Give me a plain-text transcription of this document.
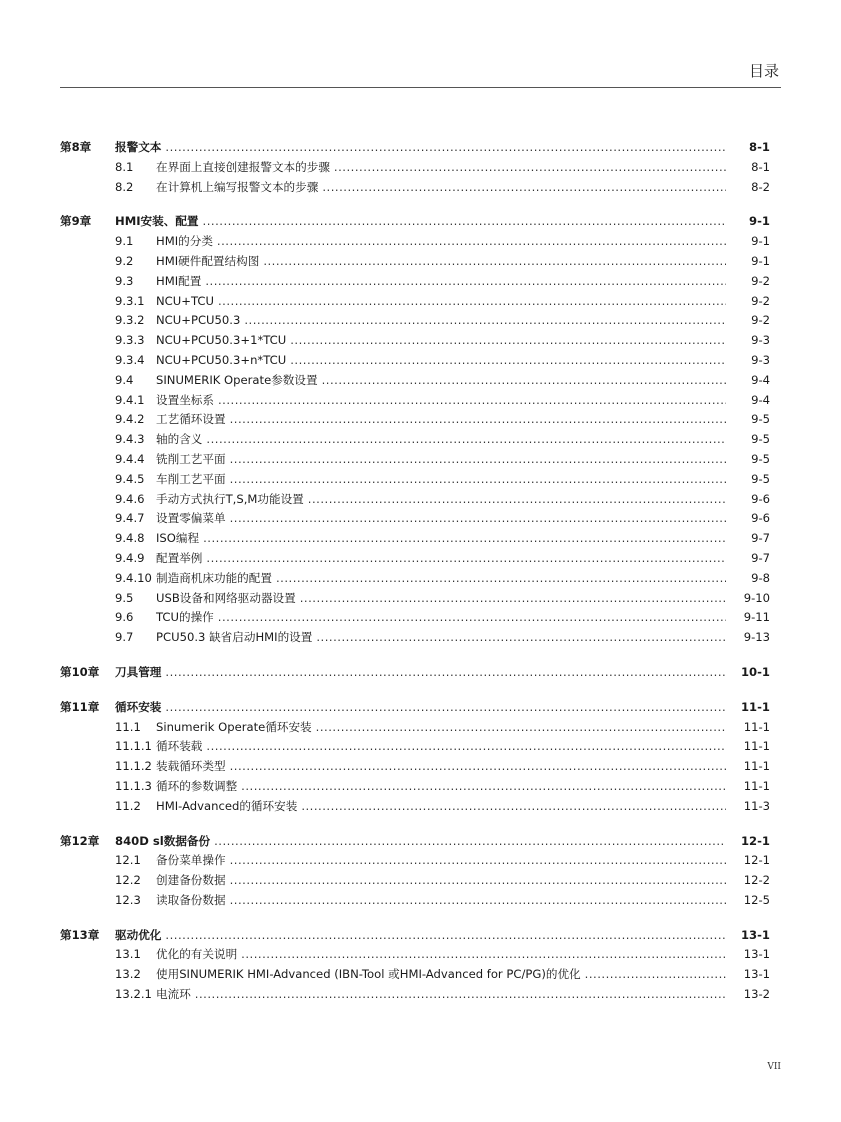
目录
第8章	报警文本 .....	8-1
8.1	在界面上直接创建报警文本的步骤 .....	8-1
8.2	在计算机上编写报警文本的步骤 .....	8-2
第9章	HMI安装、配置 .....	9-1
9.1	HMI的分类 .....	9-1
9.2	HMI硬件配置结构图 .....	9-1
9.3	HMI配置 .....	9-2
9.3.1 NCU+TCU .....	9-2
9.3.2 NCU+PCU50.3 .....	9-2
9.3.3 NCU+PCU50.3+1*TCU .....	9-3
9.3.4 NCU+PCU50.3+n*TCU .....	9-3
9.4	SINUMERIK Operate参数设置 .....	9-4
9.4.1 设置坐标系 .....	9-4
9.4.2 工艺循环设置 .....	9-5
9.4.3 轴的含义 .....	9-5
9.4.4 铣削工艺平面 .....	9-5
9.4.5 车削工艺平面 .....	9-5
9.4.6 手动方式执行T,S,M功能设置 .....	9-6
9.4.7 设置零偏菜单 .....	9-6
9.4.8 ISO编程 .....	9-7
9.4.9 配置举例 .....	9-7
9.4.10 制造商机床功能的配置 .....	9-8
9.5	USB设备和网络驱动器设置 .....	9-10
9.6	TCU的操作 .....	9-11
9.7	PCU50.3 缺省启动HMI的设置 .....	9-13
第10章	刀具管理 .....	10-1
第11章	循环安装 .....	11-1
11.1	Sinumerik Operate循环安装 .....	11-1
11.1.1 循环装载 .....	11-1
11.1.2 装载循环类型 .....	11-1
11.1.3 循环的参数调整 .....	11-1
11.2	HMI-Advanced的循环安装 .....	11-3
第12章	840D sl数据备份 .....	12-1
12.1	备份菜单操作 .....	12-1
12.2	创建备份数据 .....	12-2
12.3	读取备份数据 .....	12-5
第13章	驱动优化 .....	13-1
13.1	优化的有关说明 .....	13-1
13.2	使用SINUMERIK HMI-Advanced (IBN-Tool 或HMI-Advanced for PC/PG)的优化 .....	13-1
13.2.1 电流环 .....	13-2
VII
